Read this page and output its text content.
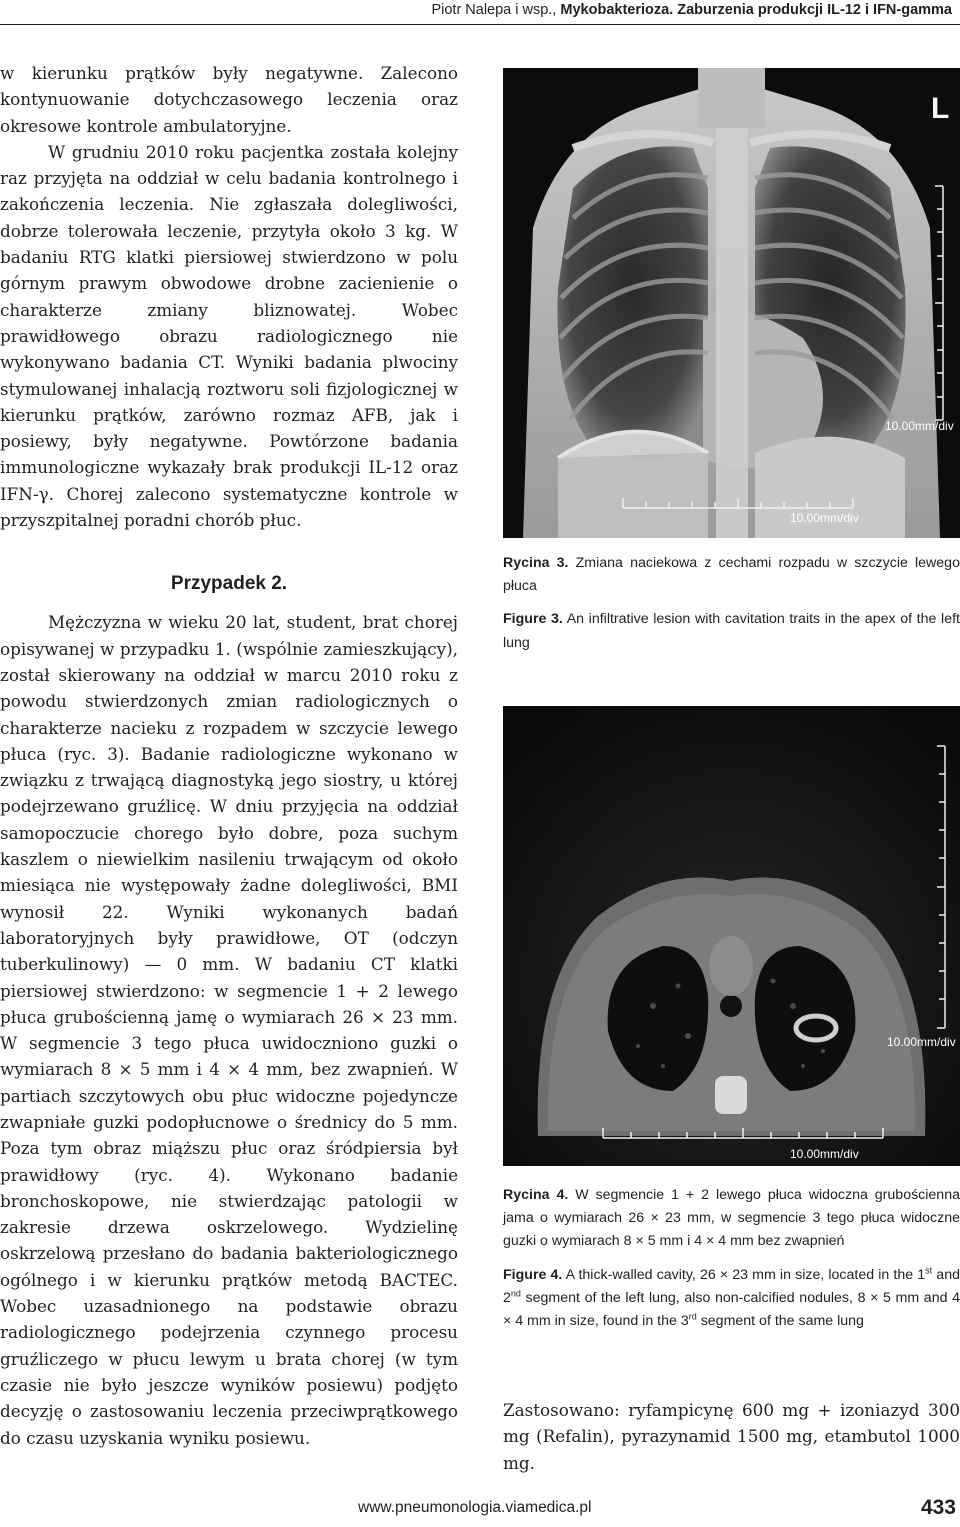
Piotr Nalepa i wsp., Mykobakterioza. Zaburzenia produkcji IL-12 i IFN-gamma

w kierunku prątków były negatywne. Zalecono kontynuowanie dotychczasowego leczenia oraz okresowe kontrole ambulatoryjne.

W grudniu 2010 roku pacjentka została kolejny raz przyjęta na oddział w celu badania kontrolnego i zakończenia leczenia. Nie zgłaszała dolegliwości, dobrze tolerowała leczenie, przytyła około 3 kg. W badaniu RTG klatki piersiowej stwierdzono w polu górnym prawym obwodowe drobne zacienienie o charakterze zmiany bliznowatej. Wobec prawidłowego obrazu radiologicznego nie wykonywano badania CT. Wyniki badania plwociny stymulowanej inhalacją roztworu soli fizjologicznej w kierunku prątków, zarówno rozmaz AFB, jak i posiewy, były negatywne. Powtórzone badania immunologiczne wykazały brak produkcji IL-12 oraz IFN-γ. Chorej zalecono systematyczne kontrole w przyszpitalnej poradni chorób płuc.

Przypadek 2.

Mężczyzna w wieku 20 lat, student, brat chorej opisywanej w przypadku 1. (wspólnie zamieszkujący), został skierowany na oddział w marcu 2010 roku z powodu stwierdzonych zmian radiologicznych o charakterze nacieku z rozpadem w szczycie lewego płuca (ryc. 3). Badanie radiologiczne wykonano w związku z trwającą diagnostyką jego siostry, u której podejrzewano gruźlicę. W dniu przyjęcia na oddział samopoczucie chorego było dobre, poza suchym kaszlem o niewielkim nasileniu trwającym od około miesiąca nie występowały żadne dolegliwości, BMI wynosił 22. Wyniki wykonanych badań laboratoryjnych były prawidłowe, OT (odczyn tuberkulinowy) — 0 mm. W badaniu CT klatki piersiowej stwierdzono: w segmencie 1 + 2 lewego płuca grubościenną jamę o wymiarach 26 × 23 mm. W segmencie 3 tego płuca uwidoczniono guzki o wymiarach 8 × 5 mm i 4 × 4 mm, bez zwapnień. W partiach szczytowych obu płuc widoczne pojedyncze zwapniałe guzki podopłucnowe o średnicy do 5 mm. Poza tym obraz miąższu płuc oraz śródpiersia był prawidłowy (ryc. 4). Wykonano badanie bronchoskopowe, nie stwierdzając patologii w zakresie drzewa oskrzelowego. Wydzielinę oskrzelową przesłano do badania bakteriologicznego ogólnego i w kierunku prątków metodą BACTEC. Wobec uzasadnionego na podstawie obrazu radiologicznego podejrzenia czynnego procesu gruźliczego w płucu lewym u brata chorej (w tym czasie nie było jeszcze wyników posiewu) podjęto decyzję o zastosowaniu leczenia przeciwprątkowego do czasu uzyskania wyniku posiewu.

L
10.00mm/div
10.00mm/div

Rycina 3. Zmiana naciekowa z cechami rozpadu w szczycie lewego płuca

Figure 3. An infiltrative lesion with cavitation traits in the apex of the left lung

10.00mm/div
10.00mm/div

Rycina 4. W segmencie 1 + 2 lewego płuca widoczna grubościenna jama o wymiarach 26 × 23 mm, w segmencie 3 tego płuca widoczne guzki o wymiarach 8 × 5 mm i 4 × 4 mm bez zwapnień

Figure 4. A thick-walled cavity, 26 × 23 mm in size, located in the 1st and 2nd segment of the left lung, also non-calcified nodules, 8 × 5 mm and 4 × 4 mm in size, found in the 3rd segment of the same lung

Zastosowano: ryfampicynę 600 mg + izoniazyd 300 mg (Refalin), pyrazynamid 1500 mg, etambutol 1000 mg.

www.pneumonologia.viamedica.pl	433
